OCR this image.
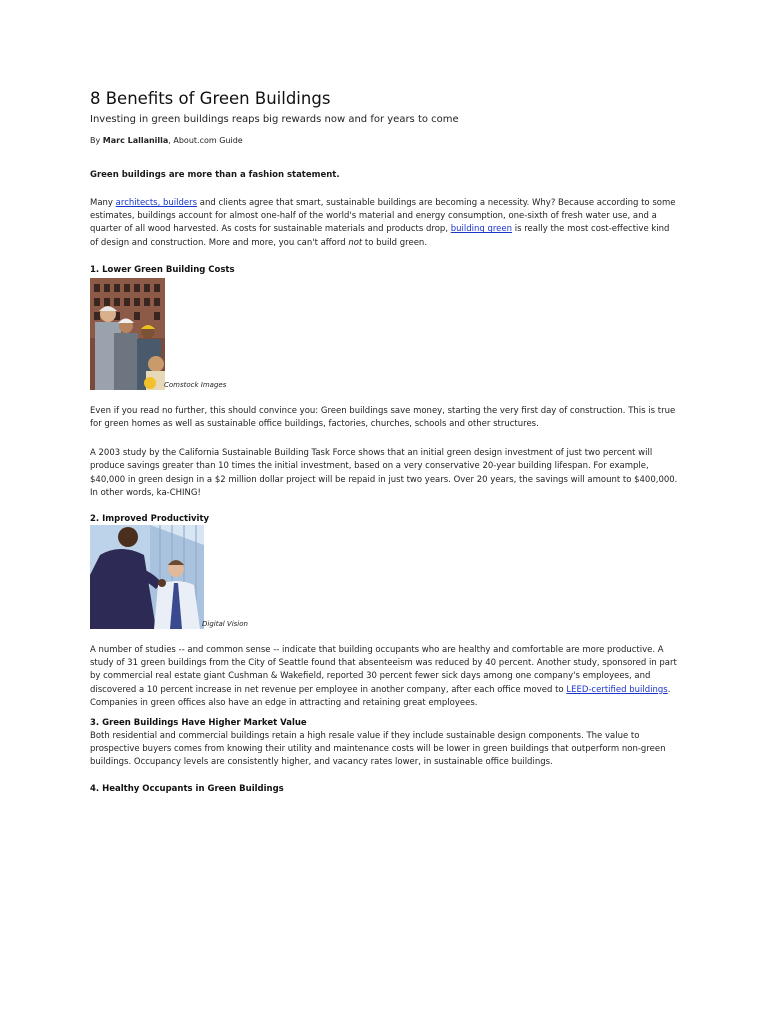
8 Benefits of Green Buildings
Investing in green buildings reaps big rewards now and for years to come
By Marc Lallanilla, About.com Guide
Green buildings are more than a fashion statement.

Many architects, builders and clients agree that smart, sustainable buildings are becoming a necessity. Why? Because according to some estimates, buildings account for almost one-half of the world's material and energy consumption, one-sixth of fresh water use, and a quarter of all wood harvested. As costs for sustainable materials and products drop, building green is really the most cost-effective kind of design and construction. More and more, you can't afford not to build green.

1. Lower Green Building Costs
Comstock Images

Even if you read no further, this should convince you: Green buildings save money, starting the very first day of construction. This is true for green homes as well as sustainable office buildings, factories, churches, schools and other structures.

A 2003 study by the California Sustainable Building Task Force shows that an initial green design investment of just two percent will produce savings greater than 10 times the initial investment, based on a very conservative 20-year building lifespan. For example, $40,000 in green design in a $2 million dollar project will be repaid in just two years. Over 20 years, the savings will amount to $400,000. In other words, ka-CHING!

2. Improved Productivity
Digital Vision

A number of studies -- and common sense -- indicate that building occupants who are healthy and comfortable are more productive. A study of 31 green buildings from the City of Seattle found that absenteeism was reduced by 40 percent. Another study, sponsored in part by commercial real estate giant Cushman & Wakefield, reported 30 percent fewer sick days among one company's employees, and discovered a 10 percent increase in net revenue per employee in another company, after each office moved to LEED-certified buildings. Companies in green offices also have an edge in attracting and retaining great employees.

3. Green Buildings Have Higher Market Value

Both residential and commercial buildings retain a high resale value if they include sustainable design components. The value to prospective buyers comes from knowing their utility and maintenance costs will be lower in green buildings that outperform non-green buildings. Occupancy levels are consistently higher, and vacancy rates lower, in sustainable office buildings.

4. Healthy Occupants in Green Buildings
